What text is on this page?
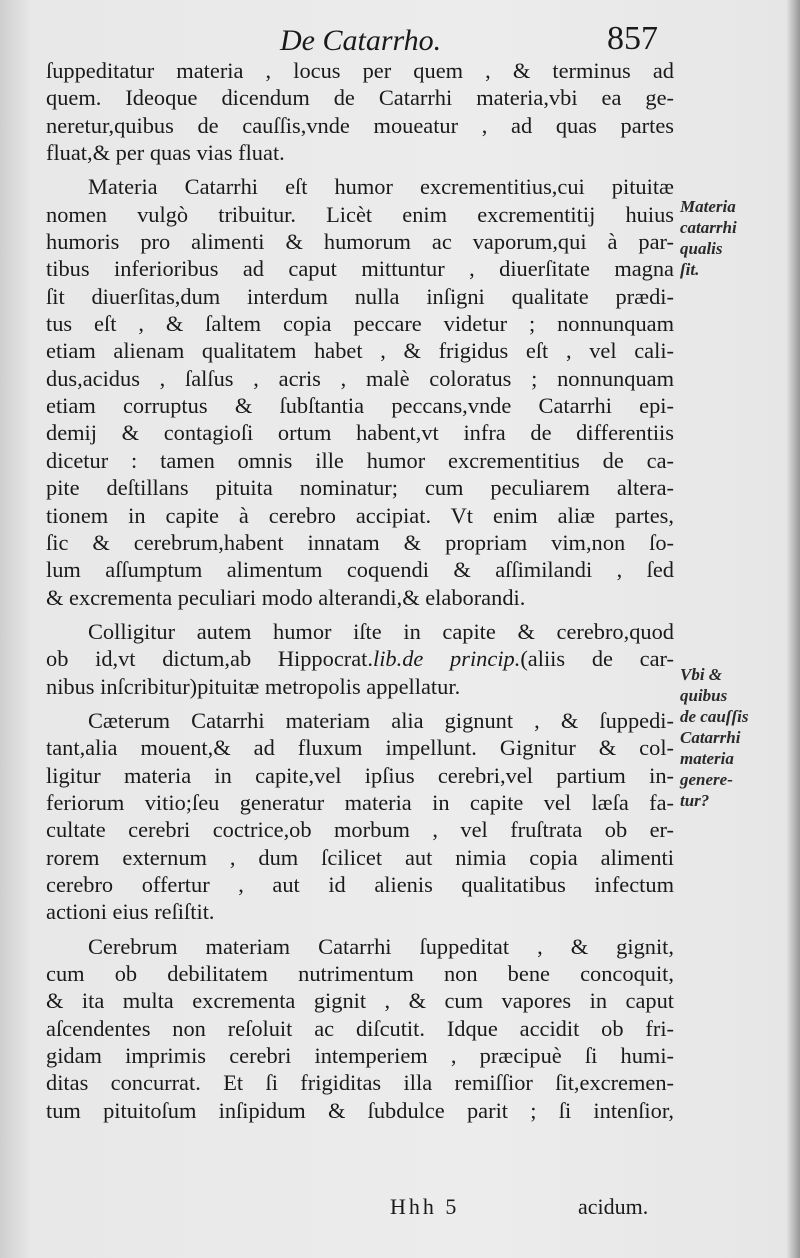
De Catarrho.	857

ſuppeditatur materia , locus per quem , & terminus ad
quem. Ideoque dicendum de Catarrhi materia,vbi ea ge-
neretur,quibus de cauſſis,vnde moueatur , ad quas partes
fluat,& per quas vias fluat.

Materia Catarrhi eſt humor excrementitius,cui pituitæ
nomen vulgò tribuitur. Licèt enim excrementitij huius
humoris pro alimenti & humorum ac vaporum,qui à par-
tibus inferioribus ad caput mittuntur , diuerſitate magna
ſit diuerſitas,dum interdum nulla inſigni qualitate prædi-
tus eſt , & ſaltem copia peccare videtur ; nonnunquam
etiam alienam qualitatem habet , & frigidus eſt , vel cali-
dus,acidus , ſalſus , acris , malè coloratus ; nonnunquam
etiam corruptus & ſubſtantia peccans,vnde Catarrhi epi-
demij & contagioſi ortum habent,vt infra de differentiis
dicetur : tamen omnis ille humor excrementitius de ca-
pite deſtillans pituita nominatur; cum peculiarem altera-
tionem in capite à cerebro accipiat. Vt enim aliæ partes,
ſic & cerebrum,habent innatam & propriam vim,non ſo-
lum aſſumptum alimentum coquendi & aſſimilandi , ſed
& excrementa peculiari modo alterandi,& elaborandi.

Colligitur autem humor iſte in capite & cerebro,quod
ob id,vt dictum,ab Hippocrat.lib.de princip.(aliis de car-
nibus inſcribitur)pituitæ metropolis appellatur.

Cæterum Catarrhi materiam alia gignunt , & ſuppedi-
tant,alia mouent,& ad fluxum impellunt. Gignitur & col-
ligitur materia in capite,vel ipſius cerebri,vel partium in-
feriorum vitio;ſeu generatur materia in capite vel læſa fa-
cultate cerebri coctrice,ob morbum , vel fruſtrata ob er-
rorem externum , dum ſcilicet aut nimia copia alimenti
cerebro offertur , aut id alienis qualitatibus infectum
actioni eius reſiſtit.

Cerebrum materiam Catarrhi ſuppeditat , & gignit,
cum ob debilitatem nutrimentum non bene concoquit,
& ita multa excrementa gignit , & cum vapores in caput
aſcendentes non reſoluit ac diſcutit. Idque accidit ob fri-
gidam imprimis cerebri intemperiem , præcipuè ſi humi-
ditas concurrat. Et ſi frigiditas illa remiſſior ſit,excremen-
tum pituitoſum inſipidum & ſubdulce parit ; ſi intenſior,

Materia
catarrhi
qualis
ſit.
Vbi &
quibus
de cauſſis
Catarrhi
materia
genere-
tur?
Hhh 5	acidum.
